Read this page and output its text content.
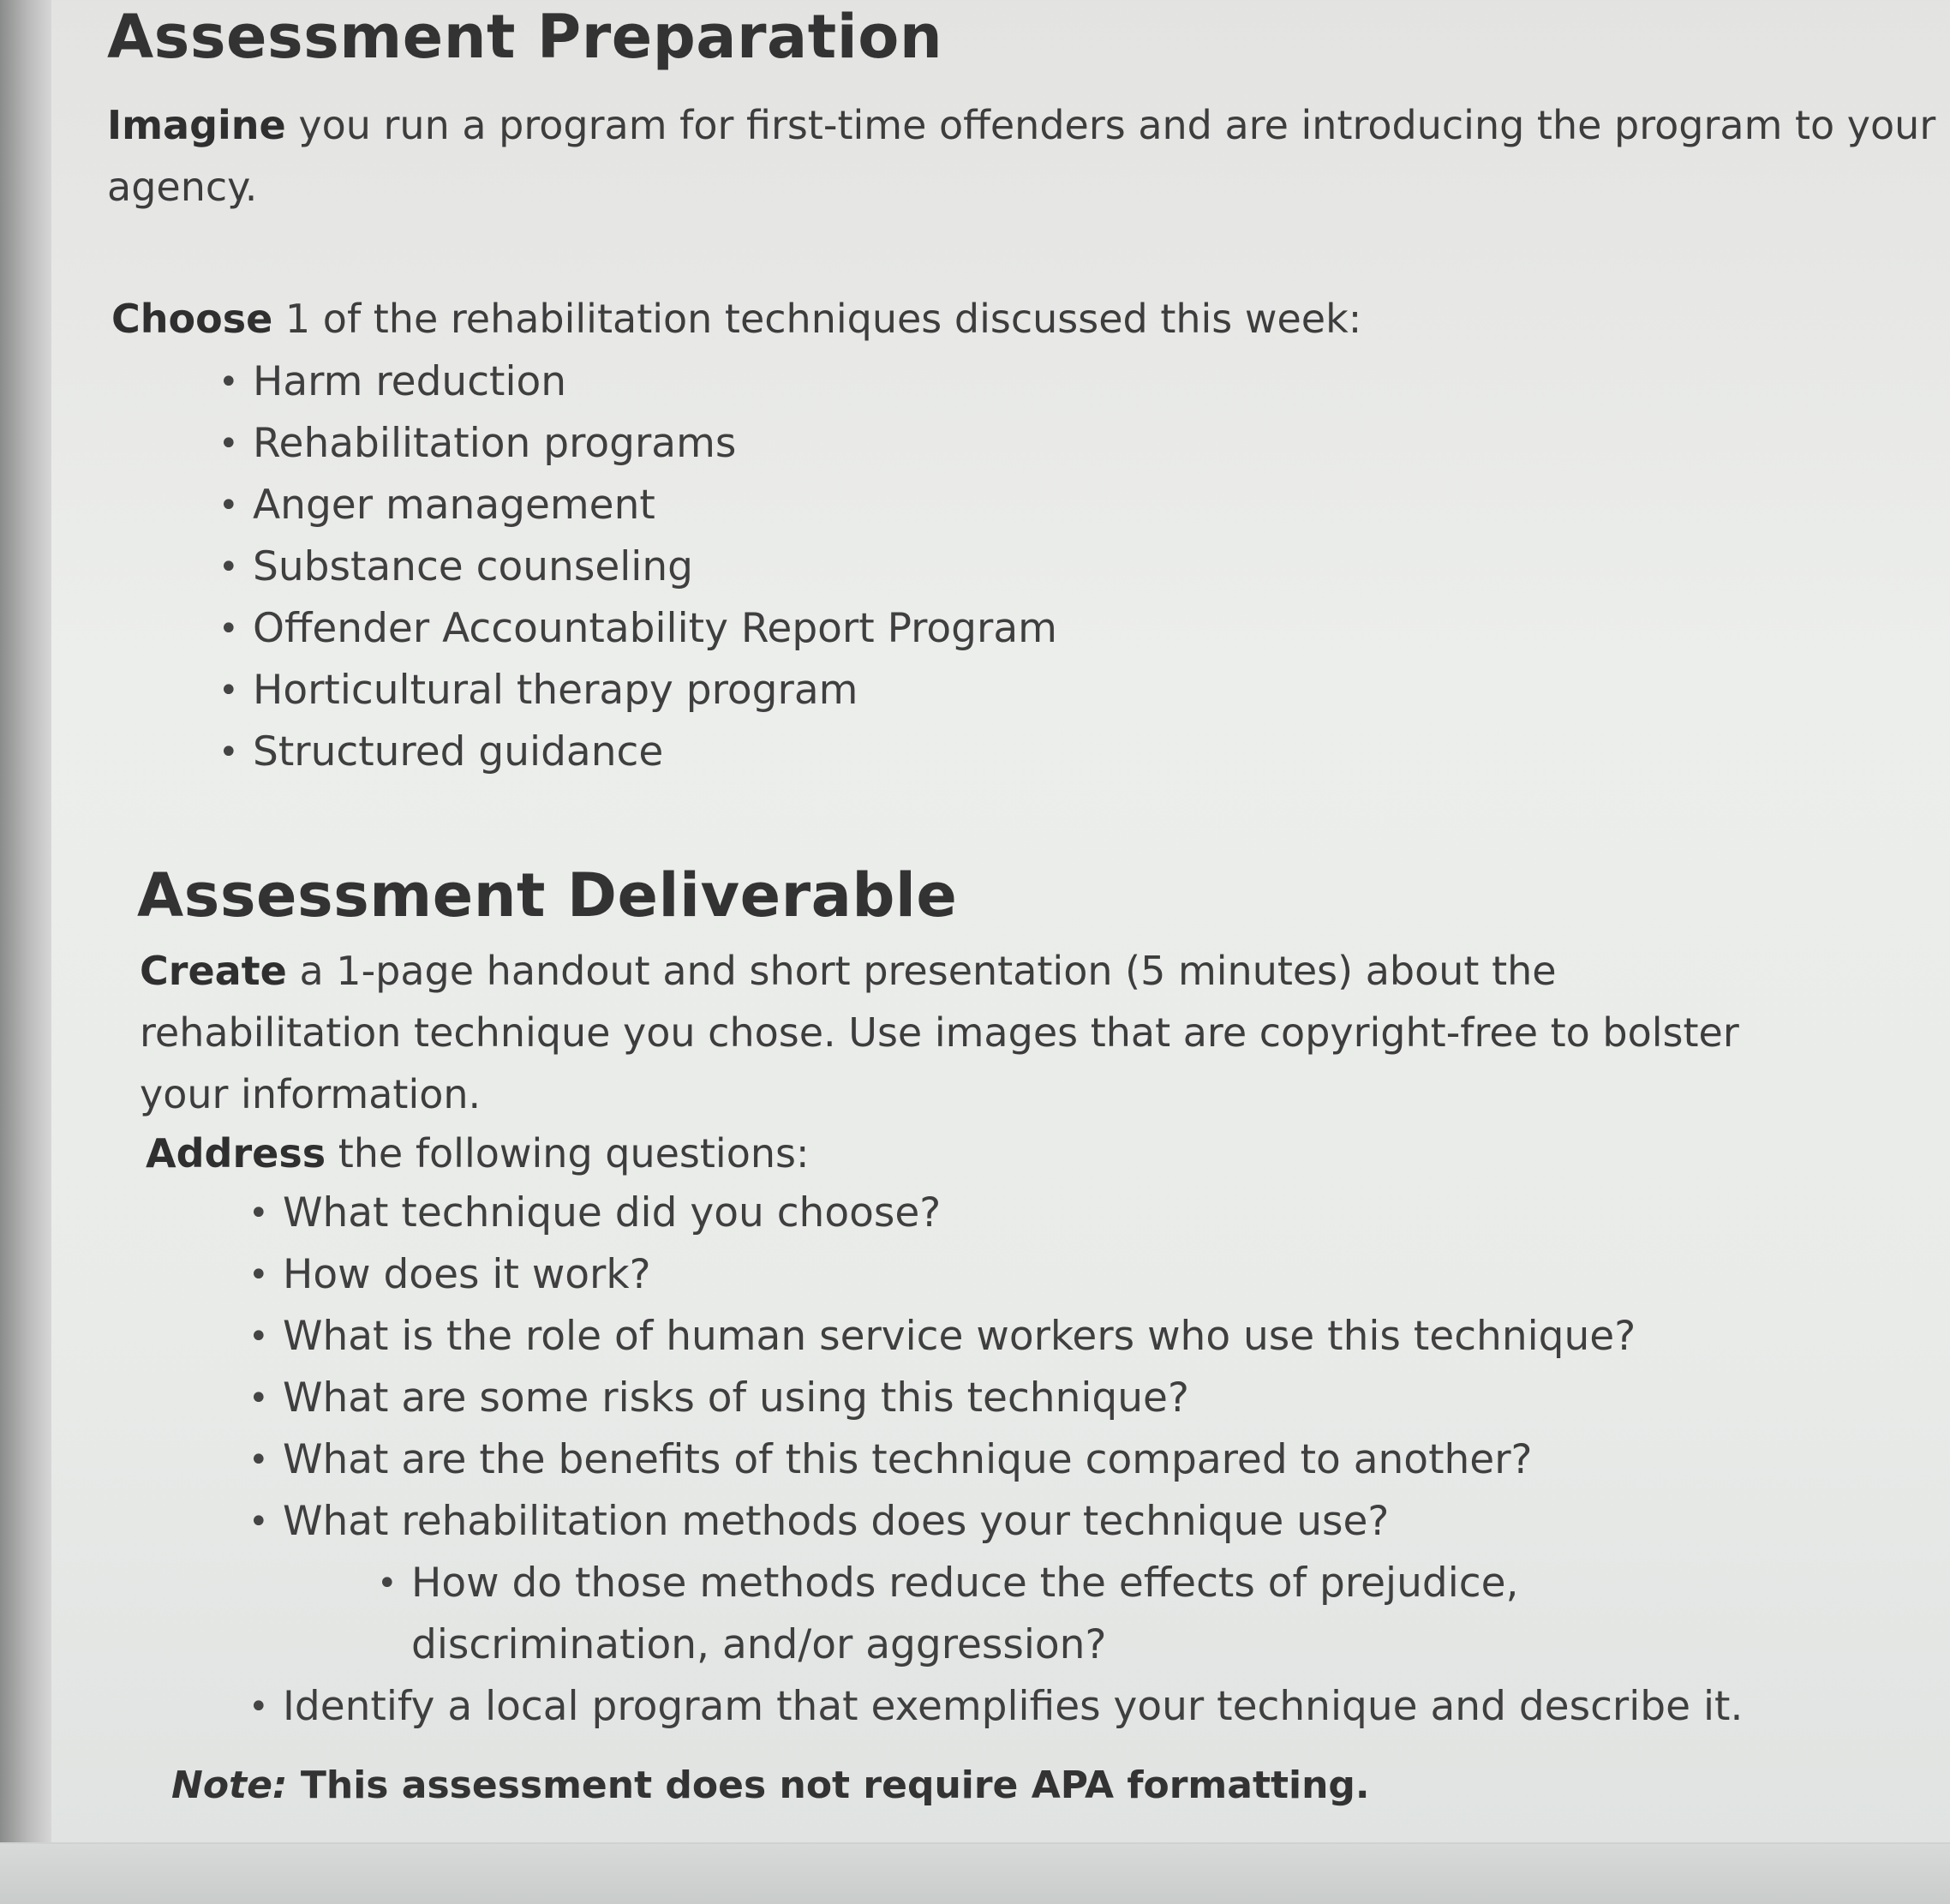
Assessment Preparation

Imagine you run a program for first-time offenders and are introducing the program to your agency.

Choose 1 of the rehabilitation techniques discussed this week:

• Harm reduction
• Rehabilitation programs
• Anger management
• Substance counseling
• Offender Accountability Report Program
• Horticultural therapy program
• Structured guidance
Assessment Deliverable

Create a 1-page handout and short presentation (5 minutes) about the rehabilitation technique you chose. Use images that are copyright-free to bolster your information.

Address the following questions:

• What technique did you choose?
• How does it work?
• What is the role of human service workers who use this technique?
• What are some risks of using this technique?
• What are the benefits of this technique compared to another?
• What rehabilitation methods does your technique use?
• How do those methods reduce the effects of prejudice, discrimination, and/or aggression?
• Identify a local program that exemplifies your technique and describe it.

Note: This assessment does not require APA formatting.
